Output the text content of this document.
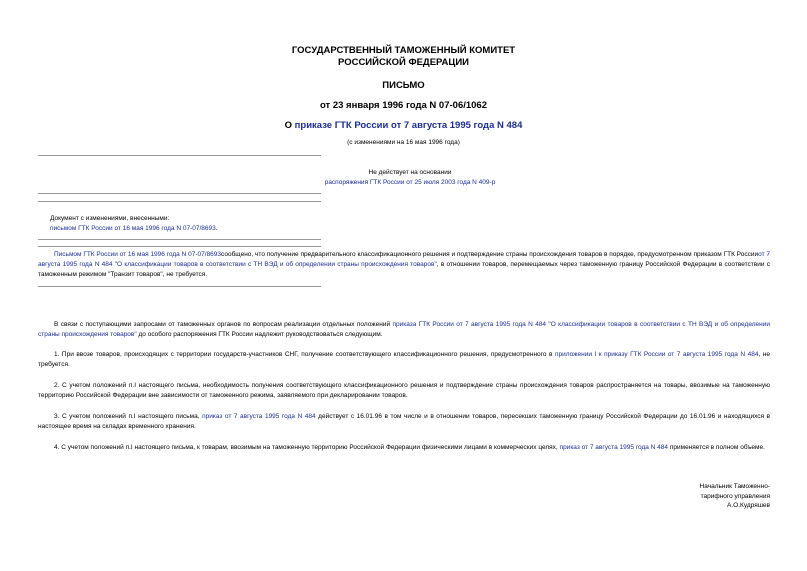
ГОСУДАРСТВЕННЫЙ ТАМОЖЕННЫЙ КОМИТЕТ
РОССИЙСКОЙ ФЕДЕРАЦИИ
ПИСЬМО
от 23 января 1996 года N 07-06/1062
О приказе ГТК России от 7 августа 1995 года N 484
(с изменениями на 16 мая 1996 года)
Не действует на основании
распоряжения ГТК России от 25 июля 2003 года N 409-р
Документ с изменениями, внесенными:
письмом ГТК России от 16 мая 1996 года N 07-07/8693.
Письмом ГТК России от 16 мая 1996 года N 07-07/8693сообщено, что получение предварительного классификационного решения и подтверждение страны происхождения товаров в порядке, предусмотренном приказом ГТК Россииот 7 августа 1995 года N 484 "О классификации товаров в соответствии с ТН ВЭД и об определении страны происхождения товаров", в отношении товаров, перемещаемых через таможенную границу Российской Федерации в соответствии с таможенным режимом "Транзит товаров", не требуется.
В связи с поступающими запросами от таможенных органов по вопросам реализации отдельных положений приказа ГТК России от 7 августа 1995 года N 484 "О классификации товаров в соответствии с ТН ВЭД и об определении страны происхождения товаров" до особого распоряжения ГТК России надлежит руководствоваться следующим.
1. При ввозе товаров, происходящих с территории государств-участников СНГ, получение соответствующего классификационного решения, предусмотренного в приложении I к приказу ГТК России от 7 августа 1995 года N 484, не требуется.
2. С учетом положений п.I настоящего письма, необходимость получения соответствующего классификационного решения и подтверждение страны происхождения товаров распространяется на товары, ввозимые на таможенную территорию Российской Федерации вне зависимости от таможенного режима, заявляемого при декларировании товаров.
3. С учетом положений п.I настоящего письма, приказ от 7 августа 1995 года N 484 действует с 16.01.96 в том числе и в отношении товаров, пересекших таможенную границу Российской Федерации до 16.01.96 и находящихся в настоящее время на складах временного хранения.
4. С учетом положений п.I настоящего письма, к товарам, ввозимым на таможенную территорию Российской Федерации физическими лицами в коммерческих целях, приказ от 7 августа 1995 года N 484 применяется в полном объеме.
Начальник Таможенно-
тарифного управления
А.О.Кудряшев
